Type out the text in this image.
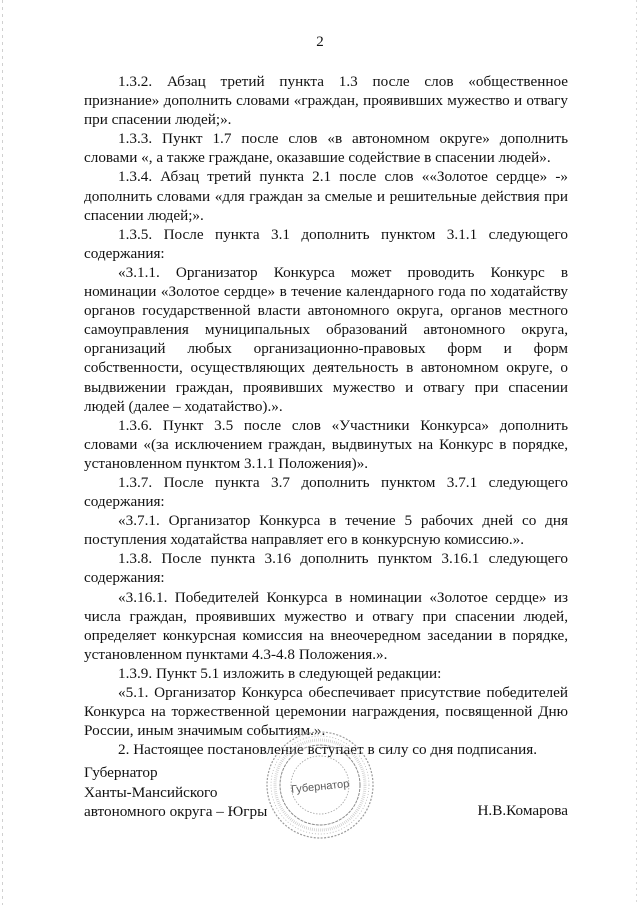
2

1.3.2. Абзац третий пункта 1.3 после слов «общественное признание» дополнить словами «граждан, проявивших мужество и отвагу при спасении людей;».

1.3.3. Пункт 1.7 после слов «в автономном округе» дополнить словами «, а также граждане, оказавшие содействие в спасении людей».

1.3.4. Абзац третий пункта 2.1 после слов ««Золотое сердце» -» дополнить словами «для граждан за смелые и решительные действия при спасении людей;».

1.3.5. После пункта 3.1 дополнить пунктом 3.1.1 следующего содержания:

«3.1.1. Организатор Конкурса может проводить Конкурс в номинации «Золотое сердце» в течение календарного года по ходатайству органов государственной власти автономного округа, органов местного самоуправления муниципальных образований автономного округа, организаций любых организационно-правовых форм и форм собственности, осуществляющих деятельность в автономном округе, о выдвижении граждан, проявивших мужество и отвагу при спасении людей (далее – ходатайство).».

1.3.6. Пункт 3.5 после слов «Участники Конкурса» дополнить словами «(за исключением граждан, выдвинутых на Конкурс в порядке, установленном пунктом 3.1.1 Положения)».

1.3.7. После пункта 3.7 дополнить пунктом 3.7.1 следующего содержания:

«3.7.1. Организатор Конкурса в течение 5 рабочих дней со дня поступления ходатайства направляет его в конкурсную комиссию.».

1.3.8. После пункта 3.16 дополнить пунктом 3.16.1 следующего содержания:

«3.16.1. Победителей Конкурса в номинации «Золотое сердце» из числа граждан, проявивших мужество и отвагу при спасении людей, определяет конкурсная комиссия на внеочередном заседании в порядке, установленном пунктами 4.3-4.8 Положения.».

1.3.9. Пункт 5.1 изложить в следующей редакции:

«5.1. Организатор Конкурса обеспечивает присутствие победителей Конкурса на торжественной церемонии награждения, посвященной Дню России, иным значимым событиям.».

2. Настоящее постановление вступает в силу со дня подписания.

Губернатор
Ханты-Мансийского
автономного округа – Югры
Губернатор
Н.В.Комарова
